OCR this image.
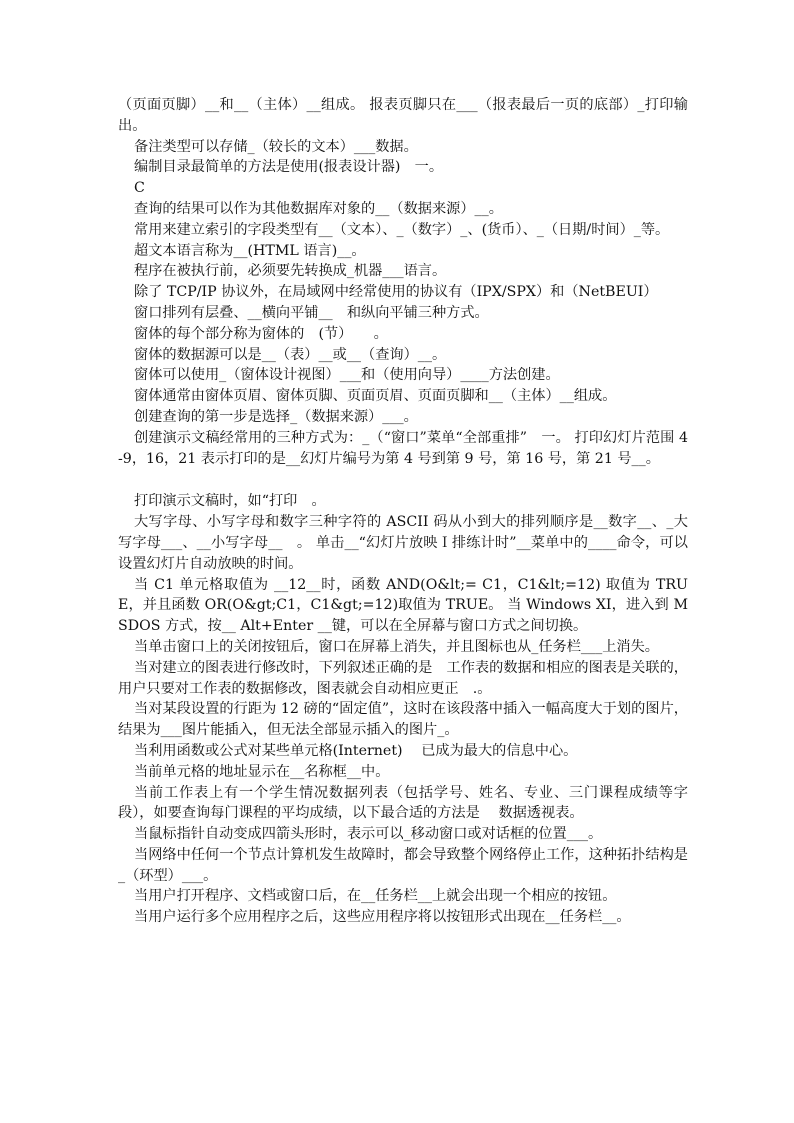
（页面页脚）__和__（主体）__组成。 报表页脚只在___（报表最后一页的底部）_打印输出。

备注类型可以存储_（较长的文本）___数据。

编制目录最简单的方法是使用(报表设计器)　一。

C

查询的结果可以作为其他数据库对象的__（数据来源）__。

常用来建立索引的字段类型有__（文本）、_（数字）_、(货币）、_（日期/时间）_等。

超文本语言称为__(HTML 语言)__。

程序在被执行前，必须要先转换成_机器___语言。

除了 TCP/IP 协议外，在局域网中经常使用的协议有（IPX/SPX）和（NetBEUI）

窗口排列有层叠、__横向平铺__　和纵向平铺三种方式。

窗体的每个部分称为窗体的　(节）　　。

窗体的数据源可以是__（表）__或__（查询）__。

窗体可以使用_（窗体设计视图）___和（使用向导）____方法创建。

窗体通常由窗体页眉、窗体页脚、页面页眉、页面页脚和__（主体）__组成。

创建查询的第一步是选择_（数据来源）___。

创建演示文稿经常用的三种方式为：_（“窗口”菜单“全部重排”　一。 打印幻灯片范围 4-9，16，21 表示打印的是__幻灯片编号为第 4 号到第 9 号，第 16 号，第 21 号__。

打印演示文稿时，如“打印　。

大写字母、小写字母和数字三种字符的 ASCII 码从小到大的排列顺序是__数字__、_大写字母___、__小写字母__　。 单击__“幻灯片放映Ｉ排练计时”__菜单中的____命令，可以设置幻灯片自动放映的时间。

当 C1 单元格取值为 __12__时，函数 AND(O&lt;= C1，C1&lt;=12) 取值为 TRUE，并且函数 OR(O&gt;C1，C1&gt;=12)取值为 TRUE。 当 Windows XI，进入到 MSDOS 方式，按__ Alt+Enter __键，可以在全屏幕与窗口方式之间切换。

当单击窗口上的关闭按钮后，窗口在屏幕上消失，并且图标也从_任务栏___上消失。

当对建立的图表进行修改时，下列叙述正确的是　工作表的数据和相应的图表是关联的，用户只要对工作表的数据修改，图表就会自动相应更正　.。

当对某段设置的行距为 12 磅的“固定值”，这时在该段落中插入一幅高度大于划的图片，结果为___图片能插入，但无法全部显示插入的图片_。

当利用函数或公式对某些单元格(Internet)　 已成为最大的信息中心。

当前单元格的地址显示在__名称框__中。

当前工作表上有一个学生情况数据列表（包括学号、姓名、专业、三门课程成绩等字段），如要查询每门课程的平均成绩，以下最合适的方法是　 数据透视表。

当鼠标指针自动变成四箭头形时，表示可以_移动窗口或对话框的位置___。

当网络中任何一个节点计算机发生故障时，都会导致整个网络停止工作，这种拓扑结构是_（环型）___。

当用户打开程序、文档或窗口后，在__任务栏__上就会出现一个相应的按钮。

当用户运行多个应用程序之后，这些应用程序将以按钮形式出现在__任务栏__。
